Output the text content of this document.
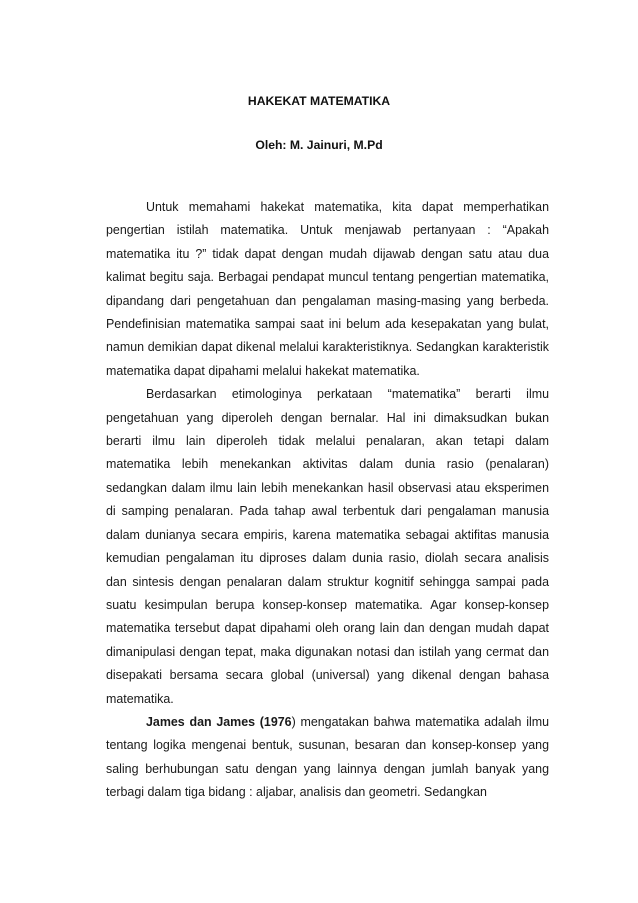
HAKEKAT MATEMATIKA

Oleh: M. Jainuri, M.Pd

Untuk memahami hakekat matematika, kita dapat memperhatikan pengertian istilah matematika. Untuk menjawab pertanyaan : “Apakah matematika itu ?” tidak dapat dengan mudah dijawab dengan satu atau dua kalimat begitu saja. Berbagai pendapat muncul tentang pengertian matematika, dipandang dari pengetahuan dan pengalaman masing-masing yang berbeda. Pendefinisian matematika sampai saat ini belum ada kesepakatan yang bulat, namun demikian dapat dikenal melalui karakteristiknya. Sedangkan karakteristik matematika dapat dipahami melalui hakekat matematika.

Berdasarkan etimologinya perkataan “matematika” berarti ilmu pengetahuan yang diperoleh dengan bernalar. Hal ini dimaksudkan bukan berarti ilmu lain diperoleh tidak melalui penalaran, akan tetapi dalam matematika lebih menekankan aktivitas dalam dunia rasio (penalaran) sedangkan dalam ilmu lain lebih menekankan hasil observasi atau eksperimen di samping penalaran. Pada tahap awal terbentuk dari pengalaman manusia dalam dunianya secara empiris, karena matematika sebagai aktifitas manusia kemudian pengalaman itu diproses dalam dunia rasio, diolah secara analisis dan sintesis dengan penalaran dalam struktur kognitif sehingga sampai pada suatu kesimpulan berupa konsep-konsep matematika. Agar konsep-konsep matematika tersebut dapat dipahami oleh orang lain dan dengan mudah dapat dimanipulasi dengan tepat, maka digunakan notasi dan istilah yang cermat dan disepakati bersama secara global (universal) yang dikenal dengan bahasa matematika.

James dan James (1976) mengatakan bahwa matematika adalah ilmu tentang logika mengenai bentuk, susunan, besaran dan konsep-konsep yang saling berhubungan satu dengan yang lainnya dengan jumlah banyak yang terbagi dalam tiga bidang : aljabar, analisis dan geometri. Sedangkan
